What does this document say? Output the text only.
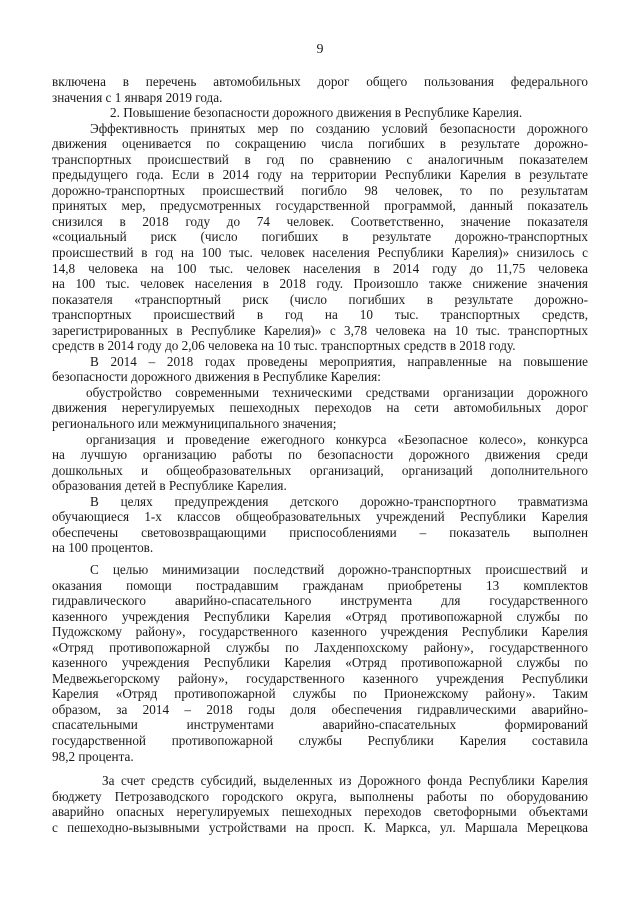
9
включена в перечень автомобильных дорог общего пользования федерального
значения с 1 января 2019 года.
2. Повышение безопасности дорожного движения в Республике Карелия.
Эффективность принятых мер по созданию условий безопасности дорожного
движения оценивается по сокращению числа погибших в результате дорожно-
транспортных происшествий в год по сравнению с аналогичным показателем
предыдущего года. Если в 2014 году на территории Республики Карелия в результате
дорожно-транспортных происшествий погибло 98 человек, то по результатам
принятых мер, предусмотренных государственной программой, данный показатель
снизился в 2018 году до 74 человек. Соответственно, значение показателя
«социальный риск (число погибших в результате дорожно-транспортных
происшествий в год на 100 тыс. человек населения Республики Карелия)» снизилось с
14,8 человека на 100 тыс. человек населения в 2014 году до 11,75 человека
на 100 тыс. человек населения в 2018 году. Произошло также снижение значения
показателя «транспортный риск (число погибших в результате дорожно-
транспортных происшествий в год на 10 тыс. транспортных средств,
зарегистрированных в Республике Карелия)» с 3,78 человека на 10 тыс. транспортных
средств в 2014 году до 2,06 человека на 10 тыс. транспортных средств в 2018 году.
В 2014 – 2018 годах проведены мероприятия, направленные на повышение
безопасности дорожного движения в Республике Карелия:
обустройство современными техническими средствами организации дорожного
движения нерегулируемых пешеходных переходов на сети автомобильных дорог
регионального или межмуниципального значения;
организация и проведение ежегодного конкурса «Безопасное колесо», конкурса
на лучшую организацию работы по безопасности дорожного движения среди
дошкольных и общеобразовательных организаций, организаций дополнительного
образования детей в Республике Карелия.
В целях предупреждения детского дорожно-транспортного травматизма
обучающиеся 1-х классов общеобразовательных учреждений Республики Карелия
обеспечены световозвращающими приспособлениями – показатель выполнен
на 100 процентов.
С целью минимизации последствий дорожно-транспортных происшествий и
оказания помощи пострадавшим гражданам приобретены 13 комплектов
гидравлического аварийно-спасательного инструмента для государственного
казенного учреждения Республики Карелия «Отряд противопожарной службы по
Пудожскому району», государственного казенного учреждения Республики Карелия
«Отряд противопожарной службы по Лахденпохскому району», государственного
казенного учреждения Республики Карелия «Отряд противопожарной службы по
Медвежьегорскому району», государственного казенного учреждения Республики
Карелия «Отряд противопожарной службы по Прионежскому району». Таким
образом, за 2014 – 2018 годы доля обеспечения гидравлическими аварийно-
спасательными инструментами аварийно-спасательных формирований
государственной противопожарной службы Республики Карелия составила
98,2 процента.
За счет средств субсидий, выделенных из Дорожного фонда Республики Карелия
бюджету Петрозаводского городского округа, выполнены работы по оборудованию
аварийно опасных нерегулируемых пешеходных переходов светофорными объектами
с пешеходно-вызывными устройствами на просп. К. Маркса, ул. Маршала Мерецкова
